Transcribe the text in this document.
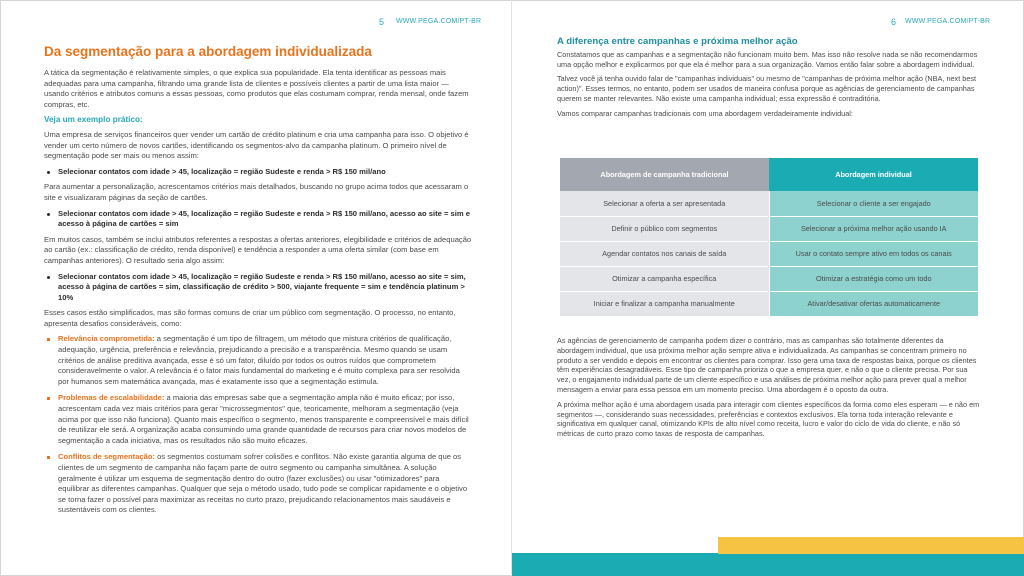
5 WWW.PEGA.COM/PT-BR	6 WWW.PEGA.COM/PT-BR
Da segmentação para a abordagem individualizada

A tática da segmentação é relativamente simples, o que explica sua popularidade. Ela tenta identificar as pessoas mais adequadas para uma campanha, filtrando uma grande lista de clientes e possíveis clientes a partir de uma lista maior — usando critérios e atributos comuns a essas pessoas, como produtos que elas costumam comprar, renda mensal, onde fazem compras, etc.

Veja um exemplo prático:

Uma empresa de serviços financeiros quer vender um cartão de crédito platinum e cria uma campanha para isso. O objetivo é vender um certo número de novos cartões, identificando os segmentos-alvo da campanha platinum. O primeiro nível de segmentação pode ser mais ou menos assim:

Selecionar contatos com idade > 45, localização = região Sudeste e renda > R$ 150 mil/ano

Para aumentar a personalização, acrescentamos critérios mais detalhados, buscando no grupo acima todos que acessaram o site e visualizaram páginas da seção de cartões.

Selecionar contatos com idade > 45, localização = região Sudeste e renda > R$ 150 mil/ano, acesso ao site = sim e acesso à página de cartões = sim

Em muitos casos, também se inclui atributos referentes a respostas a ofertas anteriores, elegibilidade e critérios de adequação ao cartão (ex.: classificação de crédito, renda disponível) e tendência a responder a uma oferta similar (com base em campanhas anteriores). O resultado seria algo assim:

Selecionar contatos com idade > 45, localização = região Sudeste e renda > R$ 150 mil/ano, acesso ao site = sim, acesso à página de cartões = sim, classificação de crédito > 500, viajante frequente = sim e tendência platinum > 10%

Esses casos estão simplificados, mas são formas comuns de criar um público com segmentação. O processo, no entanto, apresenta desafios consideráveis, como:

Relevância comprometida: a segmentação é um tipo de filtragem, um método que mistura critérios de qualificação, adequação, urgência, preferência e relevância, prejudicando a precisão e a transparência. Mesmo quando se usam critérios de análise preditiva avançada, esse é só um fator, diluído por todos os outros ruídos que comprometem consideravelmente o valor. A relevância é o fator mais fundamental do marketing e é muito complexa para ser resolvida por humanos sem matemática avançada, mas é exatamente isso que a segmentação estimula.
Problemas de escalabilidade: a maioria das empresas sabe que a segmentação ampla não é muito eficaz; por isso, acrescentam cada vez mais critérios para gerar "microssegmentos" que, teoricamente, melhoram a segmentação (veja acima por que isso não funciona). Quanto mais específico o segmento, menos transparente e compreensível e mais difícil de reutilizar ele será. A organização acaba consumindo uma grande quantidade de recursos para criar novos modelos de segmentação a cada iniciativa, mas os resultados não são muito eficazes.
Conflitos de segmentação: os segmentos costumam sofrer colisões e conflitos. Não existe garantia alguma de que os clientes de um segmento de campanha não façam parte de outro segmento ou campanha simultânea. A solução geralmente é utilizar um esquema de segmentação dentro do outro (fazer exclusões) ou usar "otimizadores" para equilibrar as diferentes campanhas. Qualquer que seja o método usado, tudo pode se complicar rapidamente e o objetivo se torna fazer o possível para maximizar as receitas no curto prazo, prejudicando relacionamentos mais saudáveis e sustentáveis com os clientes.
A diferença entre campanhas e próxima melhor ação

Constatamos que as campanhas e a segmentação não funcionam muito bem. Mas isso não resolve nada se não recomendarmos uma opção melhor e explicarmos por que ela é melhor para a sua organização. Vamos então falar sobre a abordagem individual.

Talvez você já tenha ouvido falar de "campanhas individuais" ou mesmo de "campanhas de próxima melhor ação (NBA, next best action)". Esses termos, no entanto, podem ser usados de maneira confusa porque as agências de gerenciamento de campanhas querem se manter relevantes. Não existe uma campanha individual; essa expressão é contraditória.

Vamos comparar campanhas tradicionais com uma abordagem verdadeiramente individual:

Abordagem de campanha tradicional	Abordagem individual
Selecionar a oferta a ser apresentada	Selecionar o cliente a ser engajado
Definir o público com segmentos	Selecionar a próxima melhor ação usando IA
Agendar contatos nos canais de saída	Usar o contato sempre ativo em todos os canais
Otimizar a campanha específica	Otimizar a estratégia como um todo
Iniciar e finalizar a campanha manualmente	Ativar/desativar ofertas automaticamente

As agências de gerenciamento de campanha podem dizer o contrário, mas as campanhas são totalmente diferentes da abordagem individual, que usa próxima melhor ação sempre ativa e individualizada. As campanhas se concentram primeiro no produto a ser vendido e depois em encontrar os clientes para comprar. Isso gera uma taxa de respostas baixa, porque os clientes têm experiências desagradáveis. Esse tipo de campanha prioriza o que a empresa quer, e não o que o cliente precisa. Por sua vez, o engajamento individual parte de um cliente específico e usa análises de próxima melhor ação para prever qual a melhor mensagem a enviar para essa pessoa em um momento preciso. Uma abordagem é o oposto da outra.

A próxima melhor ação é uma abordagem usada para interagir com clientes específicos da forma como eles esperam — e não em segmentos —, considerando suas necessidades, preferências e contextos exclusivos. Ela torna toda interação relevante e significativa em qualquer canal, otimizando KPIs de alto nível como receita, lucro e valor do ciclo de vida do cliente, e não só métricas de curto prazo como taxas de resposta de campanhas.
